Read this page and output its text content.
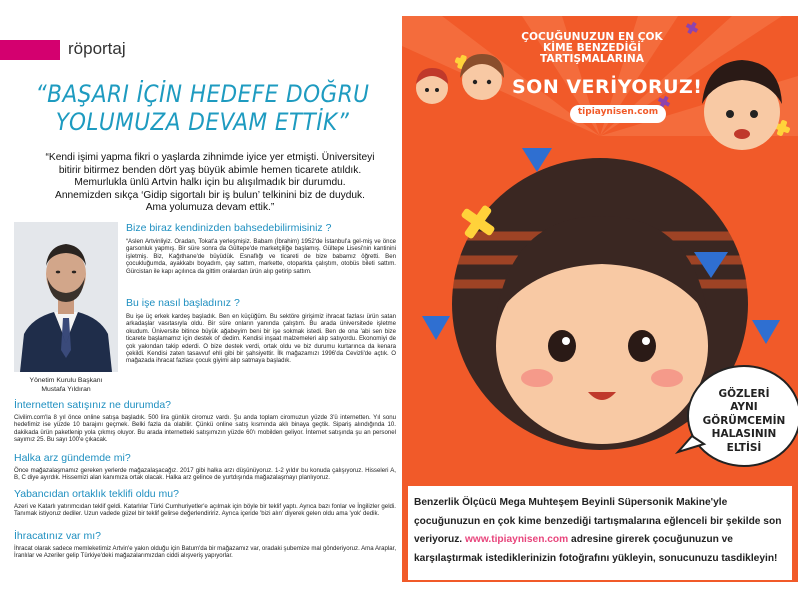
röportaj
“BAŞARI İÇİN HEDEFE DOĞRU
YOLUMUZA DEVAM ETTİK”
“Kendi işimi yapma fikri o yaşlarda zihnimde iyice yer etmişti. Üniversiteyi bitirir bitirmez benden dört yaş büyük abimle hemen ticarete atıldık. Memurlukla ünlü Artvin halkı için bu alışılmadık bir durumdu. Annemizden sıkça ‘Gidip sigortalı bir iş bulun’ telkinini biz de duyduk. Ama yolumuza devam ettik.”
Yönetim Kurulu Başkanı
Mustafa Yıldıran
Bize biraz kendinizden bahsedebilirmisiniz ?
“Aslen Artvinliyiz. Oradan, Tokat'a yerleşmişiz. Babam (İbrahim) 1952'de İstanbul'a gel-miş ve önce garsonluk yapmış. Bir süre sonra da Gültepe'de marketçiliğe başlamış. Gültepe Lisesi'nin kantinini işletmiş. Biz, Kağıthane'de büyüdük. Esnaflığı ve ticareti de bize babamız öğretti. Ben çocukluğumda, ayakkabı boyadım, çay sattım, markette, otoparkta çalıştım, otobüs bileti sattım. Gürcistan ile kapı açılınca da gittim oralardan ürün alıp getirip sattım.
Bu işe nasıl başladınız ?
Bu işe üç erkek kardeş başladık. Ben en küçüğüm. Bu sektöre girişimiz ihracat fazlası ürün satan arkadaşlar vasıtasıyla oldu. Bir süre onların yanında çalıştım. Bu arada üniversitede işletme okudum. Üniversite bitince büyük ağabeyim beni bir işe sokmak istedi. Ben de ona 'abi sen bize ticarete başlamamız için destek ol' dedim. Kendisi inşaat malzemeleri alıp satıyordu. Ekonomiyi de çok yakından takip ederdi. O bize destek verdi, ortak oldu ve biz durumu kurtarınca da kenara çekildi. Kendisi zaten tasavvuf ehli gibi bir şahsiyettir. İlk mağazamızı 1996'da Cevizli'de açtık. O mağazada ihracat fazlası çocuk giyimi alıp satmaya başladık.
İnternetten satışınız ne durumda?
Civilim.com'la 8 yıl önce online satışa başladık. 500 lira günlük ciromuz vardı. Şu anda toplam ciromuzun yüzde 3'ü internetten. Yıl sonu hedefimiz ise yüzde 10 barajını geçmek. Belki fazla da olabilir. Çünkü online satış kısmında aklı binaya geçtik. Sipariş alındığında 10. dakikada ürün paketlenip yola çıkmış oluyor. Bu arada internetteki satışımızın yüzde 60'ı mobilden geliyor. İnternet satışında şu an personel sayımız 25. Bu sayı 100'e çıkacak.
Halka arz gündemde mi?
Önce mağazalaşmamız gereken yerlerde mağazalaşacağız. 2017 gibi halka arzı düşünüyoruz. 1-2 yıldır bu konuda çalışıyoruz. Hisseleri A, B, C diye ayırdık. Hissemizi alan kanımıza ortak olacak. Halka arz gelince de yurtdışında mağazalaşmayı planlıyoruz.
Yabancıdan ortaklık teklifi oldu mu?
Azeri ve Katarlı yatırımcıdan teklif geldi. Katarlılar Türki Cumhuriyetler'e açılmak için böyle bir teklif yaptı. Ayrıca bazı fonlar ve İngilizler geldi. Tanımak istiyoruz dediler. Uzun vadede güzel bir teklif gelirse değerlendiririz. Ayrıca içeride 'bizi alın' diyerek gelen oldu ama 'yok' dedik.
İhracatınız var mı?
İhracat olarak sadece memleketimiz Artvin'e yakın olduğu için Batum'da bir mağazamız var, oradaki şubemize mal gönderiyoruz. Ama Araplar, İranlılar ve Azeriler gelip Türkiye'deki mağazalarımızdan ciddi alışveriş yapıyorlar.
ÇOCUĞUNUZUN EN ÇOK
KİME BENZEDİĞİ
TARTIŞMALARINA
SON VERİYORUZ!
tipiaynisen.com
GÖZLERİ
AYNI
GÖRÜMCEMİN
HALASININ
ELTİSİ
Benzerlik Ölçücü Mega Muhteşem Beyinli Süpersonik Makine'yle çocuğunuzun en çok kime benzediği tartışmalarına eğlenceli bir şekilde son veriyoruz. www.tipiaynisen.com adresine girerek çocuğunuzun ve karşılaştırmak istediklerinizin fotoğrafını yükleyin, sonucunuzu tasdikleyin!
